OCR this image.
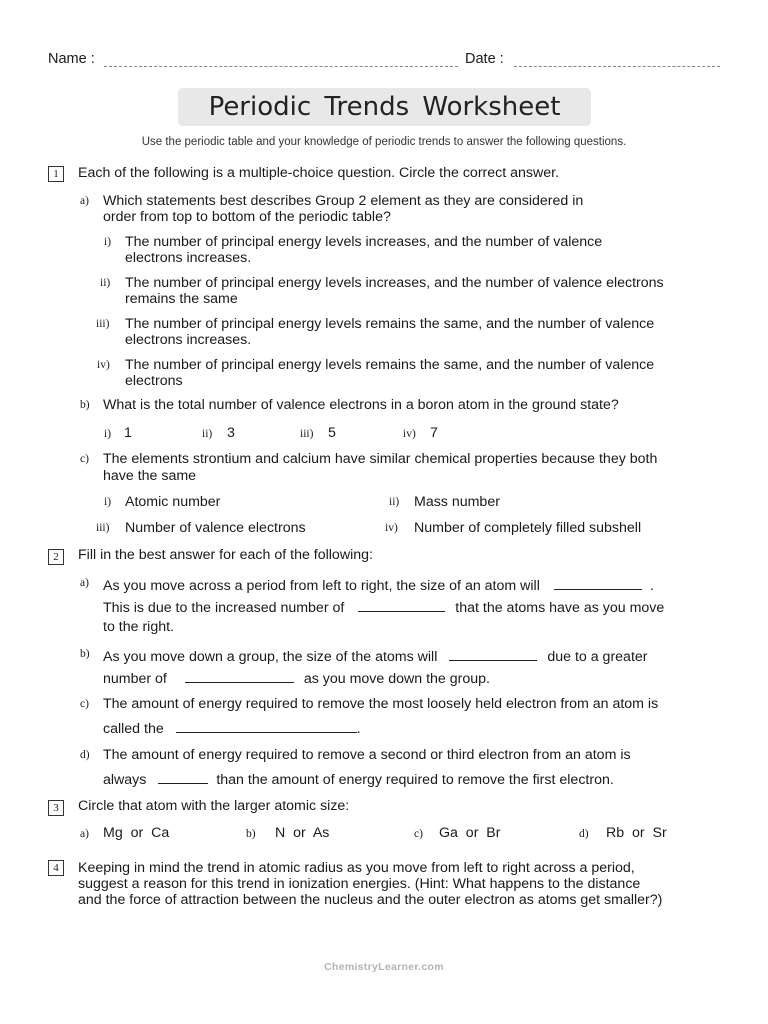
Name :	Date :
Periodic Trends Worksheet
Use the periodic table and your knowledge of periodic trends to answer the following questions.
1	Each of the following is a multiple-choice question. Circle the correct answer.
a) Which statements best describes Group 2 element as they are considered in
order from top to bottom of the periodic table?
i) The number of principal energy levels increases, and the number of valence
electrons increases.
ii) The number of principal energy levels increases, and the number of valence electrons
remains the same
iii) The number of principal energy levels remains the same, and the number of valence
electrons increases.
iv) The number of principal energy levels remains the same, and the number of valence
electrons
b) What is the total number of valence electrons in a boron atom in the ground state?
i) 1	ii) 3	iii) 5	iv) 7
c) The elements strontium and calcium have similar chemical properties because they both
have the same
i) Atomic number	ii) Mass number
iii) Number of valence electrons	iv) Number of completely filled subshell
2	Fill in the best answer for each of the following:
a) As you move across a period from left to right, the size of an atom will	.
This is due to the increased number of	that the atoms have as you move
to the right.
b) As you move down a group, the size of the atoms will	due to a greater
number of	as you move down the group.
c) The amount of energy required to remove the most loosely held electron from an atom is
called the	.
d) The amount of energy required to remove a second or third electron from an atom is
always	than the amount of energy required to remove the first electron.
3	Circle that atom with the larger atomic size:
a) Mg  or  Ca	b) N  or  As	c) Ga  or  Br	d) Rb  or  Sr
4	Keeping in mind the trend in atomic radius as you move from left to right across a period,
suggest a reason for this trend in ionization energies. (Hint: What happens to the distance
and the force of attraction between the nucleus and the outer electron as atoms get smaller?)
ChemistryLearner.com
